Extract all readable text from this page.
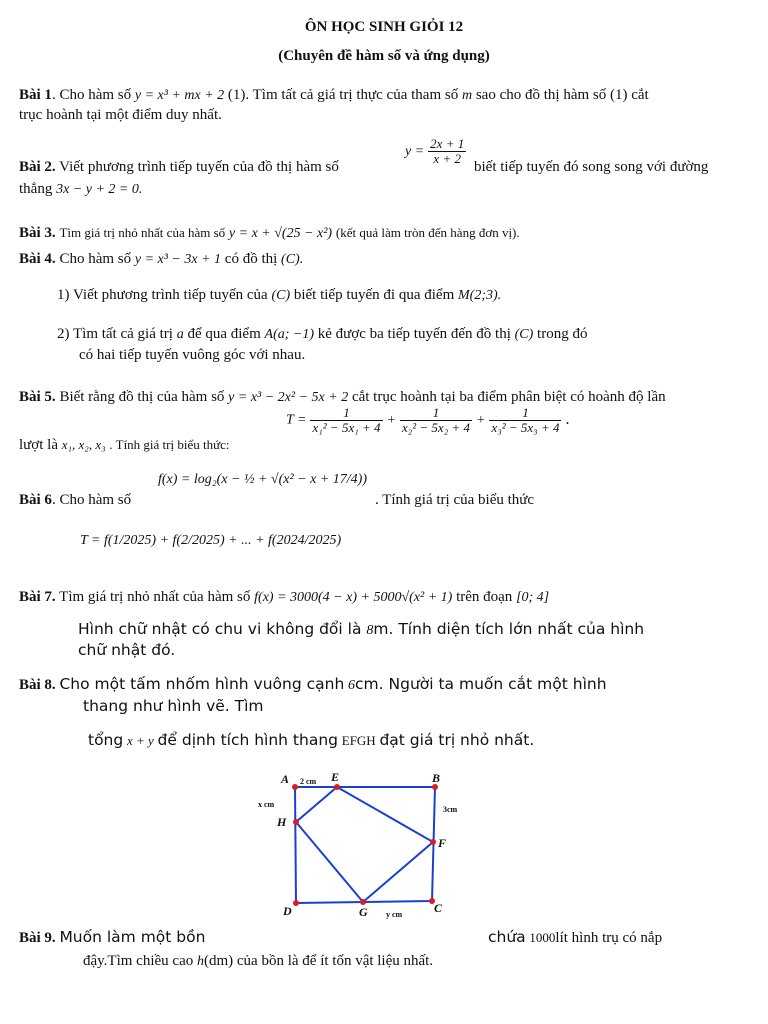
ÔN HỌC SINH GIỎI 12
(Chuyên đề hàm số và ứng dụng)
Bài 1. Cho hàm số y = x³ + mx + 2 (1). Tìm tất cả giá trị thực của tham số m sao cho đồ thị hàm số (1) cắt
trục hoành tại một điểm duy nhất.
Bài 2. Viết phương trình tiếp tuyến của đồ thị hàm số
$y = \frac{2x + 1}{x + 2}$
biết tiếp tuyến đó song song với đường
thẳng 3x − y + 2 = 0.
Bài 3. Tìm giá trị nhỏ nhất của hàm số y = x + √(25 − x²) (kết quả làm tròn đến hàng đơn vị).
Bài 4. Cho hàm số y = x³ − 3x + 1 có đồ thị (C).
1) Viết phương trình tiếp tuyến của (C) biết tiếp tuyến đi qua điểm M(2;3).
2) Tìm tất cả giá trị a để qua điểm A(a; −1) kẻ được ba tiếp tuyến đến đồ thị (C) trong đó
có hai tiếp tuyến vuông góc với nhau.
Bài 5. Biết rằng đồ thị của hàm số y = x³ − 2x² − 5x + 2 cắt trục hoành tại ba điểm phân biệt có hoành độ lần
lượt là x₁, x₂, x₃ . Tính giá trị biểu thức:
$T = \frac{1}{\text{x₁² − 5x₁ + 4}} + \frac{1}{\text{x₂² − 5x₂ + 4}} + \frac{1}{\text{x₃² − 5x₃ + 4}}$ .
Bài 6. Cho hàm số
f(x) = log₂(x − ½ + √(x² − x + 17/4))
. Tính giá trị của biểu thức
T = f(1/2025) + f(2/2025) + ... + f(2024/2025)
Bài 7. Tìm giá trị nhỏ nhất của hàm số f(x) = 3000(4 − x) + 5000√(x² + 1) trên đoạn [0; 4]
Hình chữ nhật có chu vi không đổi là 8m. Tính diện tích lớn nhất của hình
chữ nhật đó.
Bài 8. Cho một tấm nhốm hình vuông cạnh 6cm. Người ta muốn cắt một hình
thang như hình vẽ. Tìm
tổng x + y để dịnh tích hình thang EFGH đạt giá trị nhỏ nhất.
A	E	B
H
F
D	G	C
2 cm
x cm
3cm
y cm
Bài 9. Muốn làm một bồn	chứa 1000lít hình trụ có nắp
đậy.Tìm chiều cao h(dm) của bồn là để ít tốn vật liệu nhất.
